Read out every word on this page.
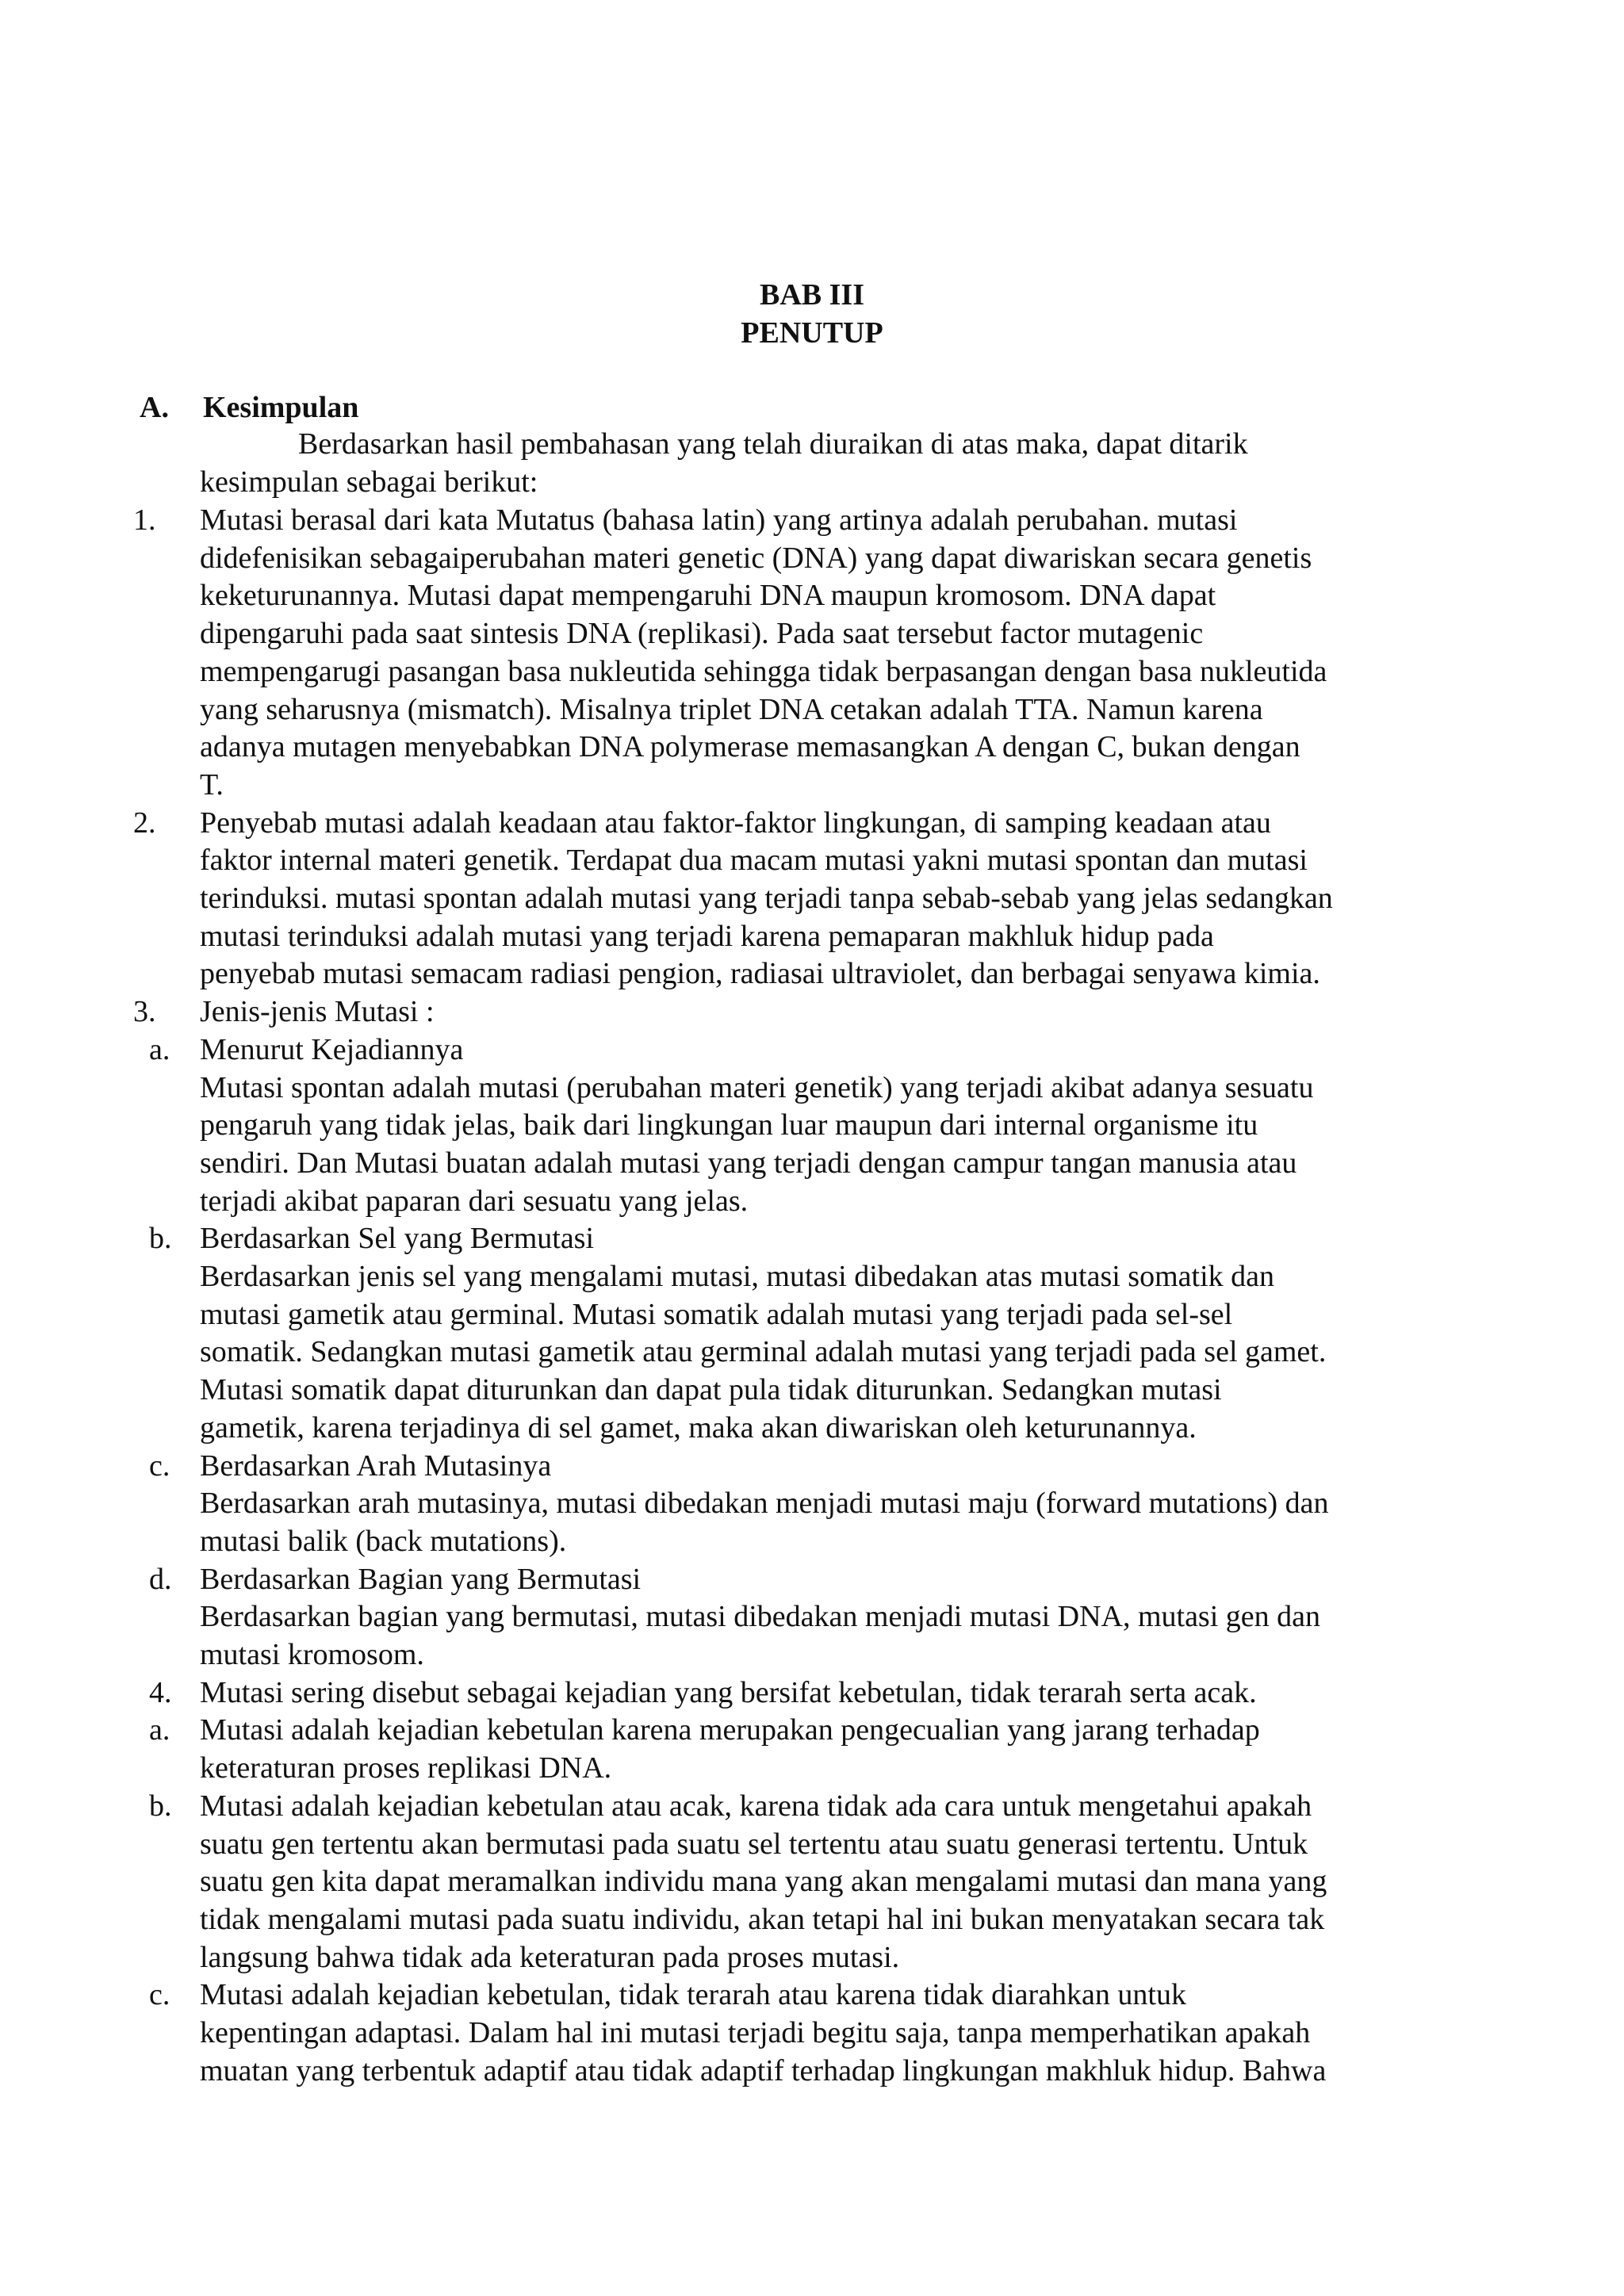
BAB III
PENUTUP
A. Kesimpulan
Berdasarkan hasil pembahasan yang telah diuraikan di atas maka, dapat ditarik
kesimpulan sebagai berikut:
1. Mutasi berasal dari kata Mutatus (bahasa latin) yang artinya adalah perubahan. mutasi
didefenisikan sebagaiperubahan materi genetic (DNA) yang dapat diwariskan secara genetis
keketurunannya. Mutasi dapat mempengaruhi DNA maupun kromosom. DNA dapat
dipengaruhi pada saat sintesis DNA (replikasi). Pada saat tersebut factor mutagenic
mempengarugi pasangan basa nukleutida sehingga tidak berpasangan dengan basa nukleutida
yang seharusnya (mismatch). Misalnya triplet DNA cetakan adalah TTA. Namun karena
adanya mutagen menyebabkan DNA polymerase memasangkan A dengan C, bukan dengan
T.
2. Penyebab mutasi adalah keadaan atau faktor-faktor lingkungan, di samping keadaan atau
faktor internal materi genetik. Terdapat dua macam mutasi yakni mutasi spontan dan mutasi
terinduksi. mutasi spontan adalah mutasi yang terjadi tanpa sebab-sebab yang jelas sedangkan
mutasi terinduksi adalah mutasi yang terjadi karena pemaparan makhluk hidup pada
penyebab mutasi semacam radiasi pengion, radiasai ultraviolet, dan berbagai senyawa kimia.
3. Jenis-jenis Mutasi :
a. Menurut Kejadiannya
Mutasi spontan adalah mutasi (perubahan materi genetik) yang terjadi akibat adanya sesuatu
pengaruh yang tidak jelas, baik dari lingkungan luar maupun dari internal organisme itu
sendiri. Dan Mutasi buatan adalah mutasi yang terjadi dengan campur tangan manusia atau
terjadi akibat paparan dari sesuatu yang jelas.
b. Berdasarkan Sel yang Bermutasi
Berdasarkan jenis sel yang mengalami mutasi, mutasi dibedakan atas mutasi somatik dan
mutasi gametik atau germinal. Mutasi somatik adalah mutasi yang terjadi pada sel-sel
somatik. Sedangkan mutasi gametik atau germinal adalah mutasi yang terjadi pada sel gamet.
Mutasi somatik dapat diturunkan dan dapat pula tidak diturunkan. Sedangkan mutasi
gametik, karena terjadinya di sel gamet, maka akan diwariskan oleh keturunannya.
c. Berdasarkan Arah Mutasinya
Berdasarkan arah mutasinya, mutasi dibedakan menjadi mutasi maju (forward mutations) dan
mutasi balik (back mutations).
d. Berdasarkan Bagian yang Bermutasi
Berdasarkan bagian yang bermutasi, mutasi dibedakan menjadi mutasi DNA, mutasi gen dan
mutasi kromosom.
4. Mutasi sering disebut sebagai kejadian yang bersifat kebetulan, tidak terarah serta acak.
a. Mutasi adalah kejadian kebetulan karena merupakan pengecualian yang jarang terhadap
keteraturan proses replikasi DNA.
b. Mutasi adalah kejadian kebetulan atau acak, karena tidak ada cara untuk mengetahui apakah
suatu gen tertentu akan bermutasi pada suatu sel tertentu atau suatu generasi tertentu. Untuk
suatu gen kita dapat meramalkan individu mana yang akan mengalami mutasi dan mana yang
tidak mengalami mutasi pada suatu individu, akan tetapi hal ini bukan menyatakan secara tak
langsung bahwa tidak ada keteraturan pada proses mutasi.
c. Mutasi adalah kejadian kebetulan, tidak terarah atau karena tidak diarahkan untuk
kepentingan adaptasi. Dalam hal ini mutasi terjadi begitu saja, tanpa memperhatikan apakah
muatan yang terbentuk adaptif atau tidak adaptif terhadap lingkungan makhluk hidup. Bahwa
